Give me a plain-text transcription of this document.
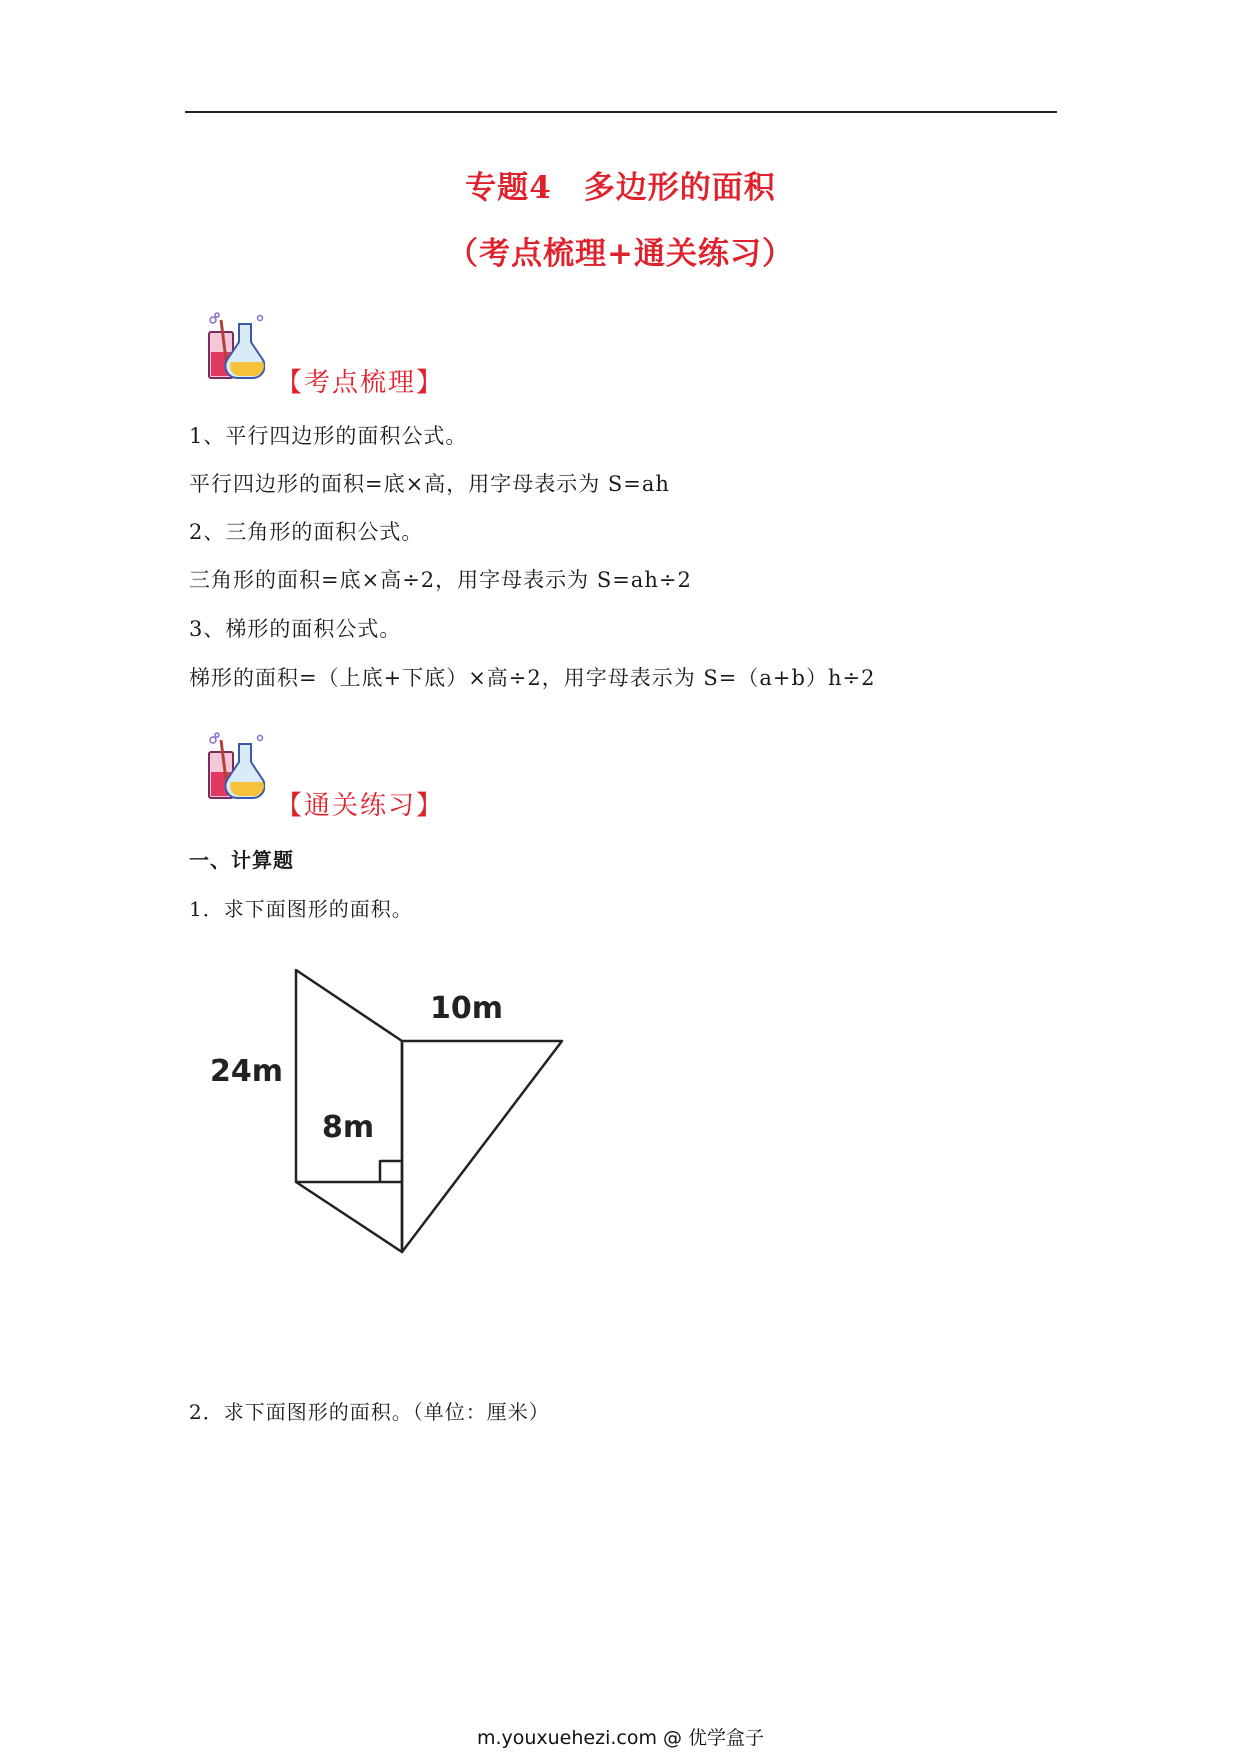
专题4　多边形的面积
（考点梳理+通关练习）
【考点梳理】
1、平行四边形的面积公式。
平行四边形的面积=底×高，用字母表示为 S=ah
2、三角形的面积公式。
三角形的面积=底×高÷2，用字母表示为 S=ah÷2
3、梯形的面积公式。
梯形的面积=（上底+下底）×高÷2，用字母表示为 S=（a+b）h÷2
【通关练习】
一、计算题
1．求下面图形的面积。
10m
24m
8m
2．求下面图形的面积。（单位：厘米）
m.youxuehezi.com @ 优学盒子
